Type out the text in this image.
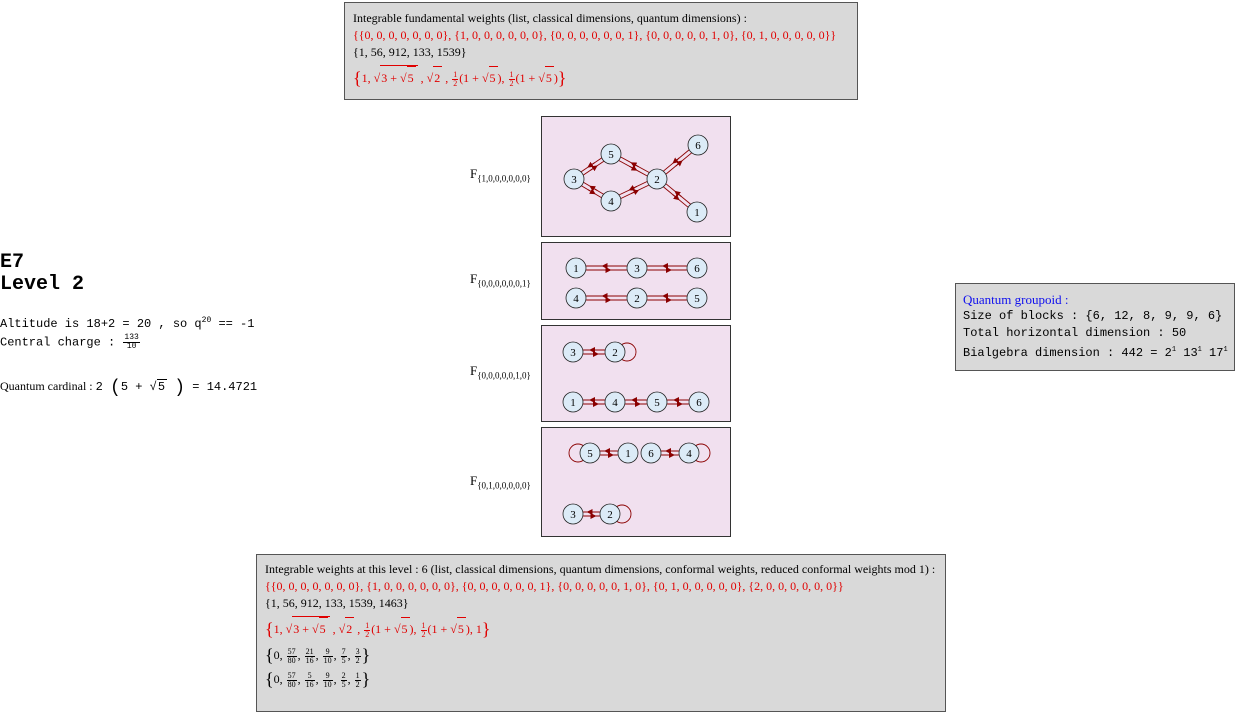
Integrable fundamental weights (list, classical dimensions, quantum dimensions) :
{{0, 0, 0, 0, 0, 0, 0}, {1, 0, 0, 0, 0, 0, 0}, {0, 0, 0, 0, 0, 0, 1}, {0, 0, 0, 0, 0, 1, 0}, {0, 1, 0, 0, 0, 0, 0}}
{1, 56, 912, 133, 1539}
{1, √3 + √5 , √2 , $\frac{1}{2} (1 + √5$ ), $\frac{1}{2} (1 + √5$ )}
E7
Level 2
Altitude is 18+2 = 20 , so $q^{20} == -1$
Central charge : $\frac{133}{10}$
Quantum cardinal : 2 (5 + √5 ) = 14.4721
Quantum groupoid :
Size of blocks : {6, 12, 8, 9, 9, 6}
Total horizontal dimension : 50
Bialgebra dimension : $442 = 2^1$ $13^1$ $17^1$
$F_{\{1,0,0,0,0,0,0\}}$
$F_{\{0,0,0,0,0,0,1\}}$
$F_{\{0,0,0,0,0,1,0\}}$
$F_{\{0,1,0,0,0,0,0\}}$
3
5
4
2
6
1
1	3	6
4	2	5
3	2
1	4	5	6
5	1 6	4
3	2
Integrable weights at this level : 6 (list, classical dimensions, quantum dimensions, conformal weights, reduced conformal weights mod 1) :
{{0, 0, 0, 0, 0, 0, 0}, {1, 0, 0, 0, 0, 0, 0}, {0, 0, 0, 0, 0, 0, 1}, {0, 0, 0, 0, 0, 1, 0}, {0, 1, 0, 0, 0, 0, 0}, {2, 0, 0, 0, 0, 0, 0}}
{1, 56, 912, 133, 1539, 1463}
{1, √3 + √5 , √2 , $\frac{1}{2} (1 + √5$ ), $\frac{1}{2} (1 + √5$ ), 1}
{0, $\frac{57}{80}$ , $\frac{21}{16}$ , $\frac{9}{10}$ , $\frac{7}{5}$ , $\frac{3}{2}$ }
{0, $\frac{57}{80}$ , $\frac{5}{16}$ , $\frac{9}{10}$ , $\frac{2}{5}$ , $\frac{1}{2}$ }
